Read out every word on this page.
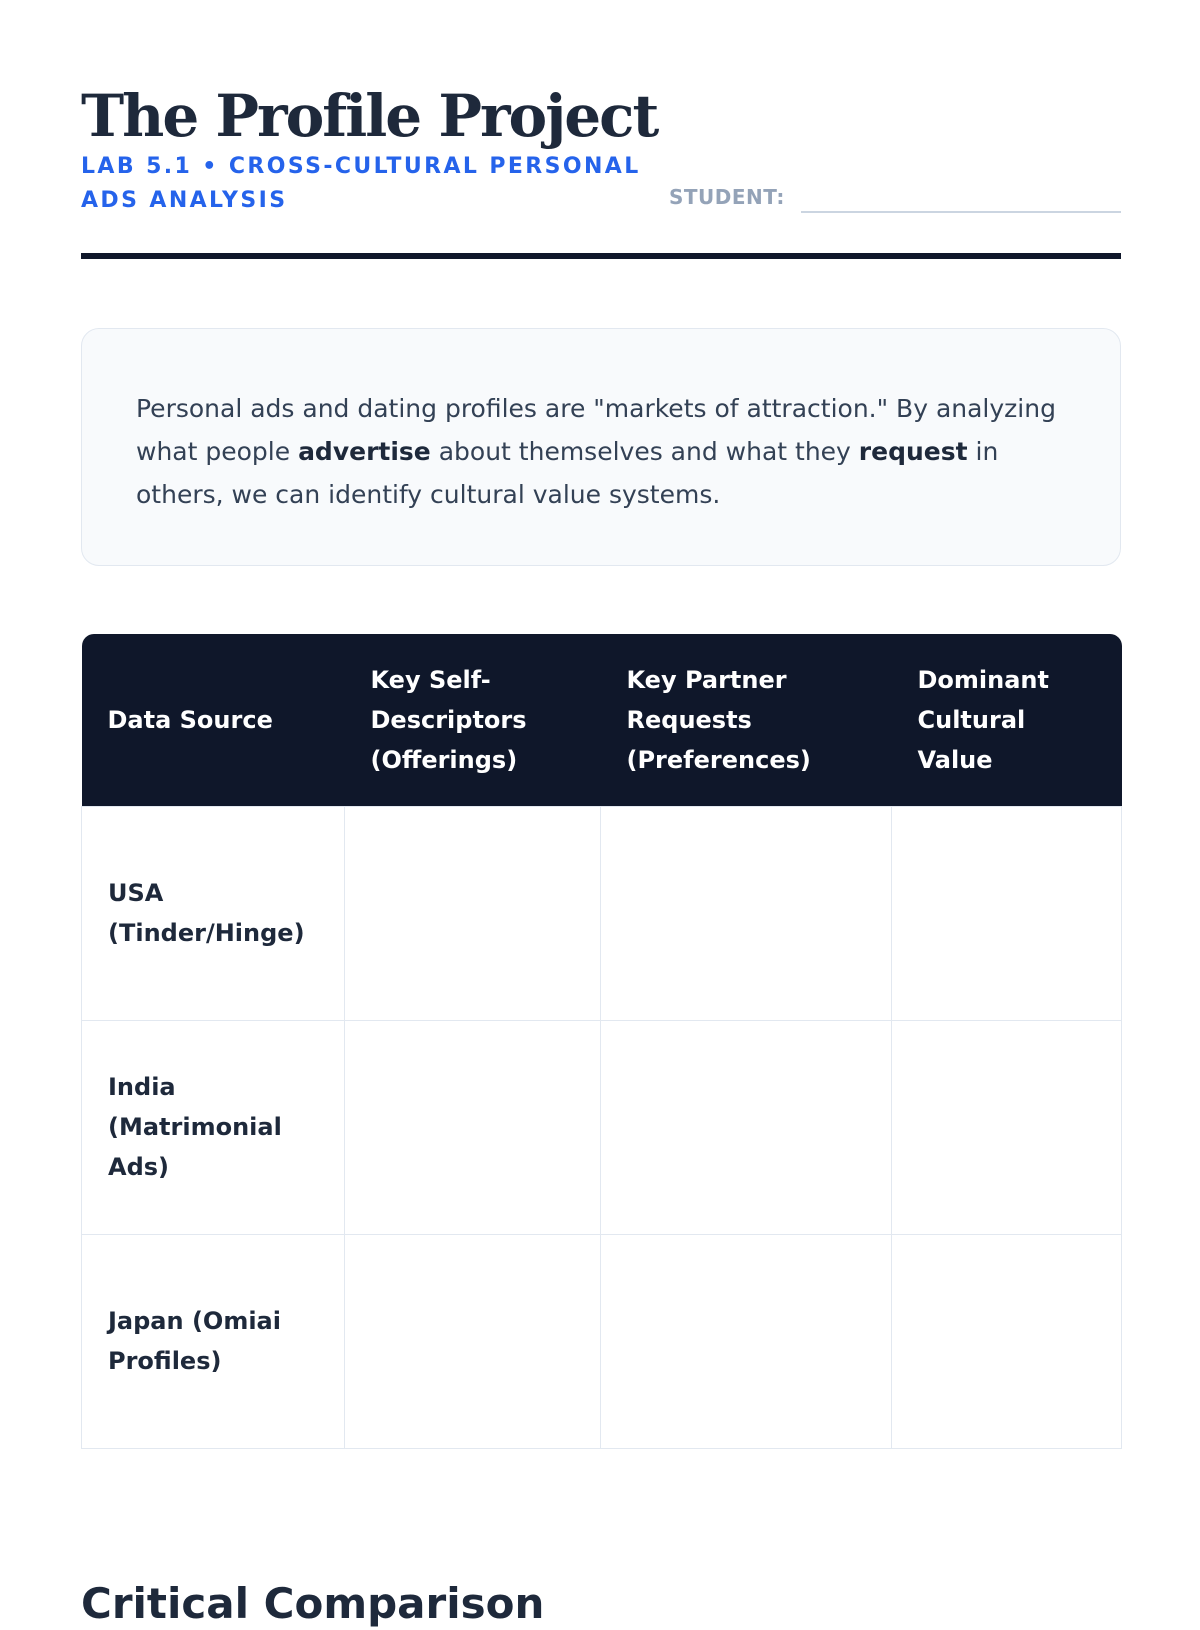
The Profile Project
LAB 5.1 • CROSS-CULTURAL PERSONAL ADS ANALYSIS	STUDENT:

Personal ads and dating profiles are "markets of attraction." By analyzing what people advertise about themselves and what they request in others, we can identify cultural value systems.

Data Source	Key Self-Descriptors (Offerings)	Key Partner Requests (Preferences)	Dominant Cultural Value
USA (Tinder/Hinge)			
India (Matrimonial Ads)			
Japan (Omiai Profiles)			
Critical Comparison
